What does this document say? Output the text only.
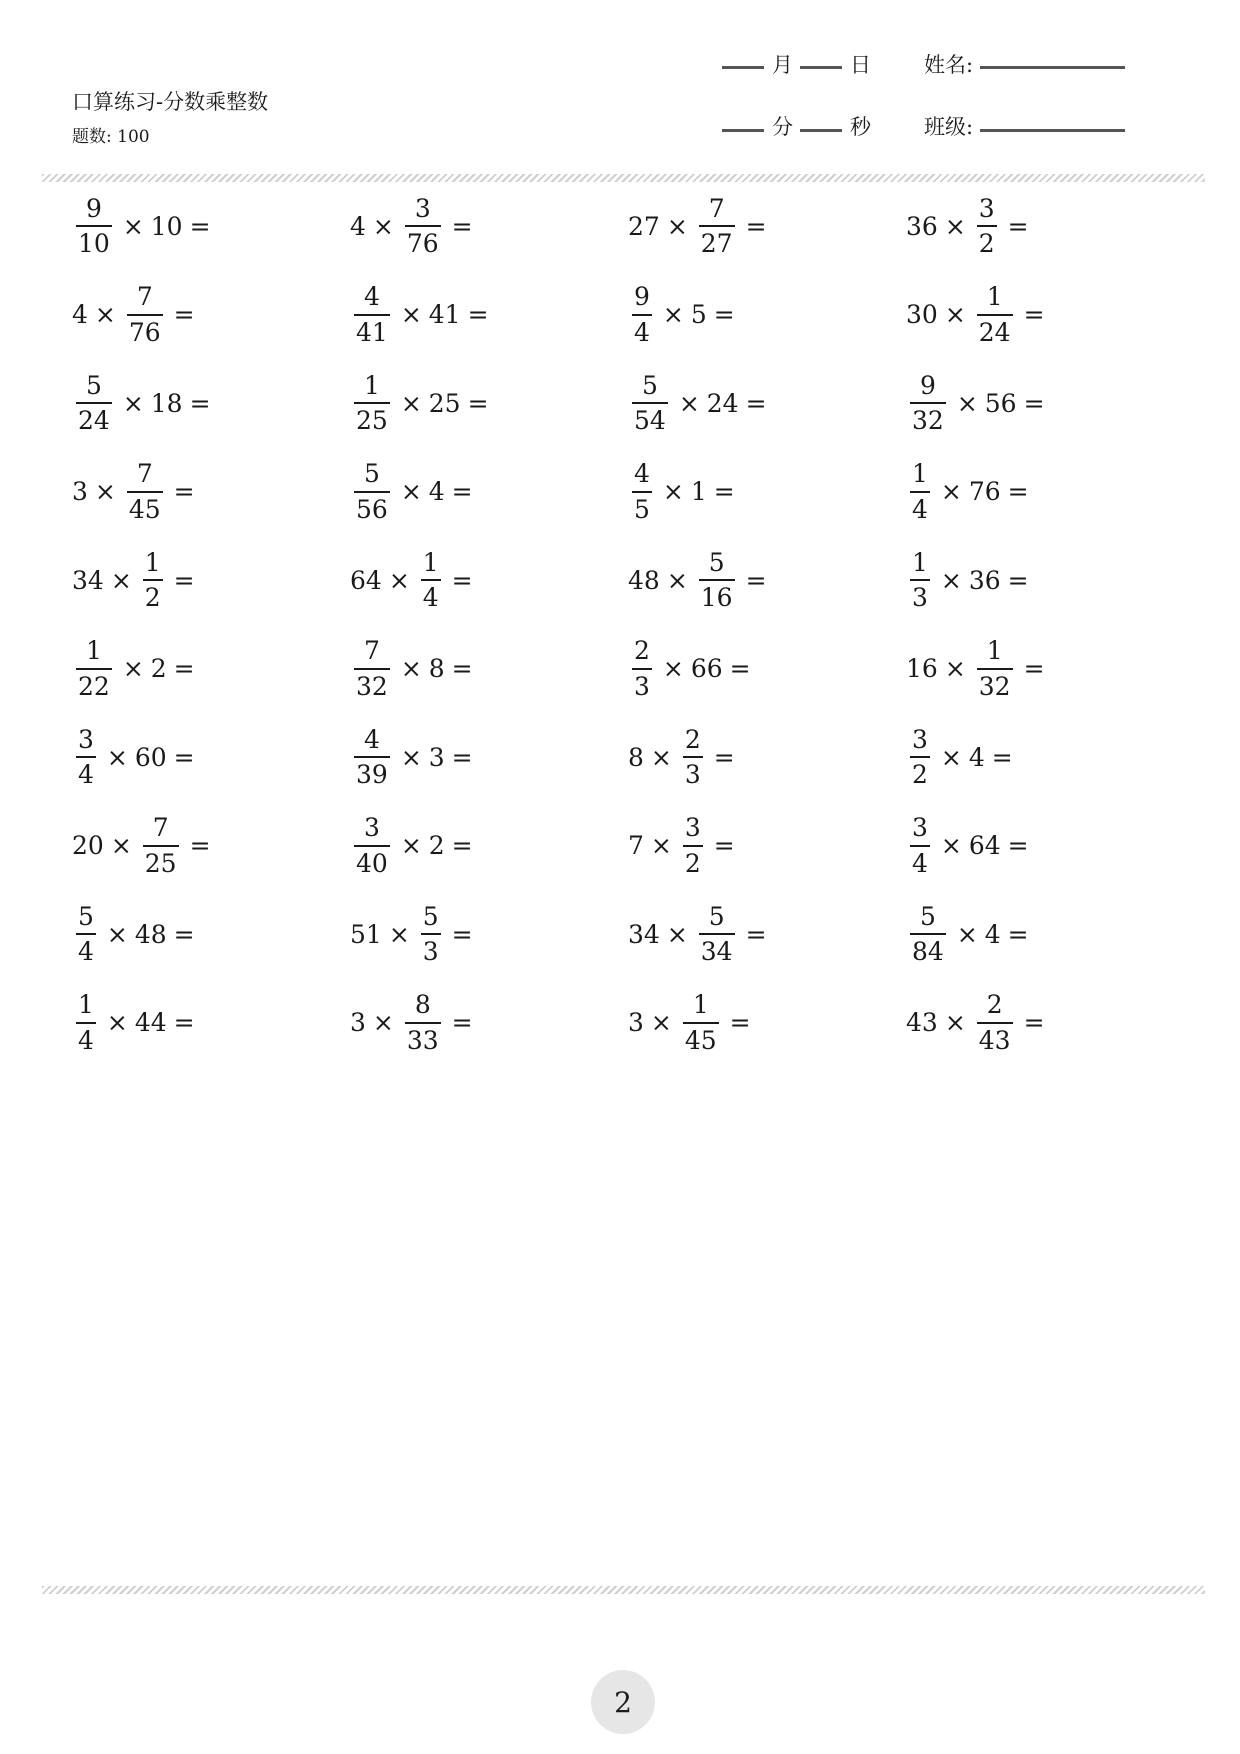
口算练习-分数乘整数
题数: 100
月	日	姓名:
分	秒	班级:
$\frac{9}{10} \times 10$ =	$4 \times \frac{3}{76}$ =	$27 \times \frac{7}{27}$ =	$36 \times \frac{3}{2}$ =
$4 \times \frac{7}{76}$ =	$\frac{4}{41} \times 41$ =	$\frac{9}{4} \times 5$ =	$30 \times \frac{1}{24}$ =
$\frac{5}{24} \times 18$ =	$\frac{1}{25} \times 25$ =	$\frac{5}{54} \times 24$ =	$\frac{9}{32} \times 56$ =
$3 \times \frac{7}{45}$ =	$\frac{5}{56} \times 4$ =	$\frac{4}{5} \times 1$ =	$\frac{1}{4} \times 76$ =
$34 \times \frac{1}{2}$ =	$64 \times \frac{1}{4}$ =	$48 \times \frac{5}{16}$ =	$\frac{1}{3} \times 36$ =
$\frac{1}{22} \times 2$ =	$\frac{7}{32} \times 8$ =	$\frac{2}{3} \times 66$ =	$16 \times \frac{1}{32}$ =
$\frac{3}{4} \times 60$ =	$\frac{4}{39} \times 3$ =	$8 \times \frac{2}{3}$ =	$\frac{3}{2} \times 4$ =
$20 \times \frac{7}{25}$ =	$\frac{3}{40} \times 2$ =	$7 \times \frac{3}{2}$ =	$\frac{3}{4} \times 64$ =
$\frac{5}{4} \times 48$ =	$51 \times \frac{5}{3}$ =	$34 \times \frac{5}{34}$ =	$\frac{5}{84} \times 4$ =
$\frac{1}{4} \times 44$ =	$3 \times \frac{8}{33}$ =	$3 \times \frac{1}{45}$ =	$43 \times \frac{2}{43}$ =
2
